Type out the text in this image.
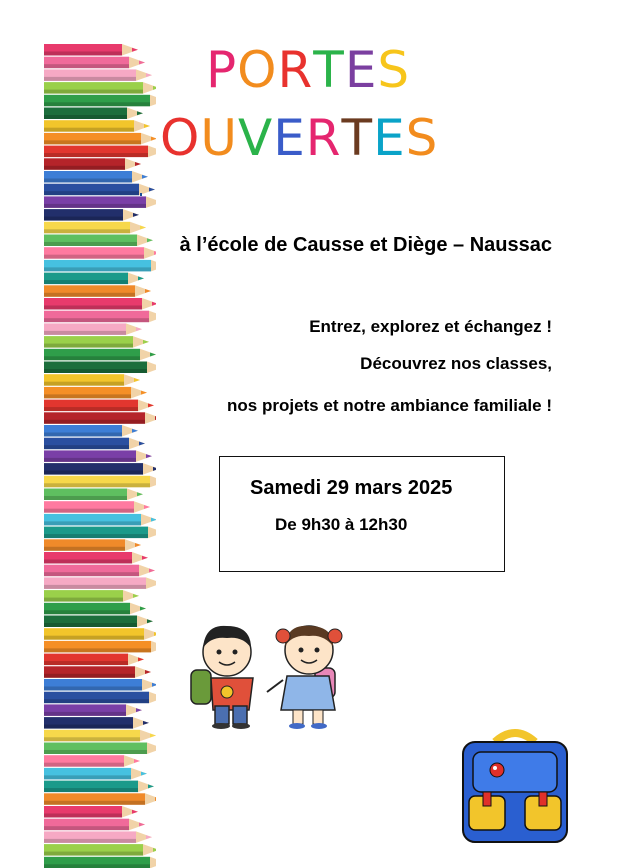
PORTES
OUVERTES
à l’école de Causse et Diège – Naussac
Entrez, explorez et échangez !
Découvrez nos classes,
nos projets et notre ambiance familiale !
Samedi 29 mars 2025
De 9h30 à 12h30
